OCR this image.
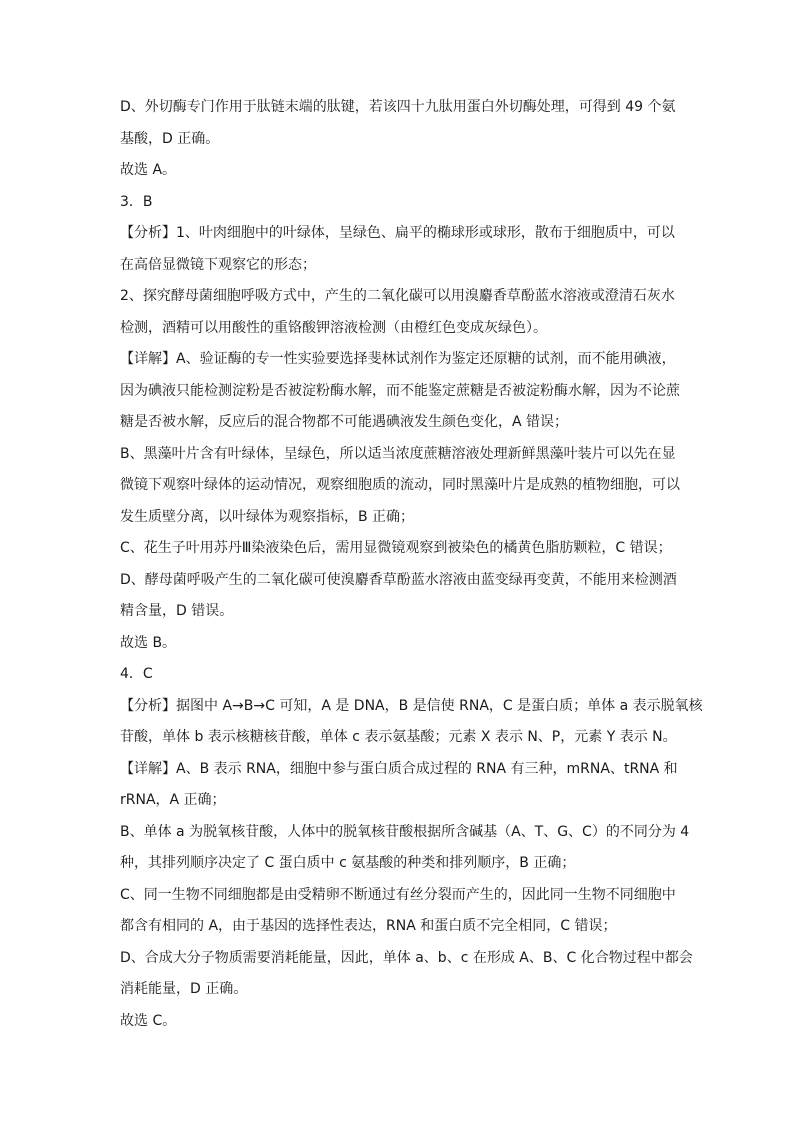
D、外切酶专门作用于肽链末端的肽键，若该四十九肽用蛋白外切酶处理，可得到 49 个氨
基酸，D 正确。
故选 A。
3．B
【分析】1、叶肉细胞中的叶绿体，呈绿色、扁平的椭球形或球形，散布于细胞质中，可以
在高倍显微镜下观察它的形态；
2、探究酵母菌细胞呼吸方式中，产生的二氧化碳可以用溴麝香草酚蓝水溶液或澄清石灰水
检测，酒精可以用酸性的重铬酸钾溶液检测（由橙红色变成灰绿色）。
【详解】A、验证酶的专一性实验要选择斐林试剂作为鉴定还原糖的试剂，而不能用碘液，
因为碘液只能检测淀粉是否被淀粉酶水解，而不能鉴定蔗糖是否被淀粉酶水解，因为不论蔗
糖是否被水解，反应后的混合物都不可能遇碘液发生颜色变化，A 错误；
B、黑藻叶片含有叶绿体，呈绿色，所以适当浓度蔗糖溶液处理新鲜黑藻叶装片可以先在显
微镜下观察叶绿体的运动情况，观察细胞质的流动，同时黑藻叶片是成熟的植物细胞，可以
发生质壁分离，以叶绿体为观察指标，B 正确；
C、花生子叶用苏丹Ⅲ染液染色后，需用显微镜观察到被染色的橘黄色脂肪颗粒，C 错误；
D、酵母菌呼吸产生的二氧化碳可使溴麝香草酚蓝水溶液由蓝变绿再变黄，不能用来检测酒
精含量，D 错误。
故选 B。
4．C
【分析】据图中 A→B→C 可知，A 是 DNA，B 是信使 RNA，C 是蛋白质；单体 a 表示脱氧核
苷酸，单体 b 表示核糖核苷酸，单体 c 表示氨基酸；元素 X 表示 N、P，元素 Y 表示 N。
【详解】A、B 表示 RNA，细胞中参与蛋白质合成过程的 RNA 有三种，mRNA、tRNA 和
rRNA，A 正确；
B、单体 a 为脱氧核苷酸，人体中的脱氧核苷酸根据所含碱基（A、T、G、C）的不同分为 4
种，其排列顺序决定了 C 蛋白质中 c 氨基酸的种类和排列顺序，B 正确；
C、同一生物不同细胞都是由受精卵不断通过有丝分裂而产生的，因此同一生物不同细胞中
都含有相同的 A，由于基因的选择性表达，RNA 和蛋白质不完全相同，C 错误；
D、合成大分子物质需要消耗能量，因此，单体 a、b、c 在形成 A、B、C 化合物过程中都会
消耗能量，D 正确。
故选 C。
